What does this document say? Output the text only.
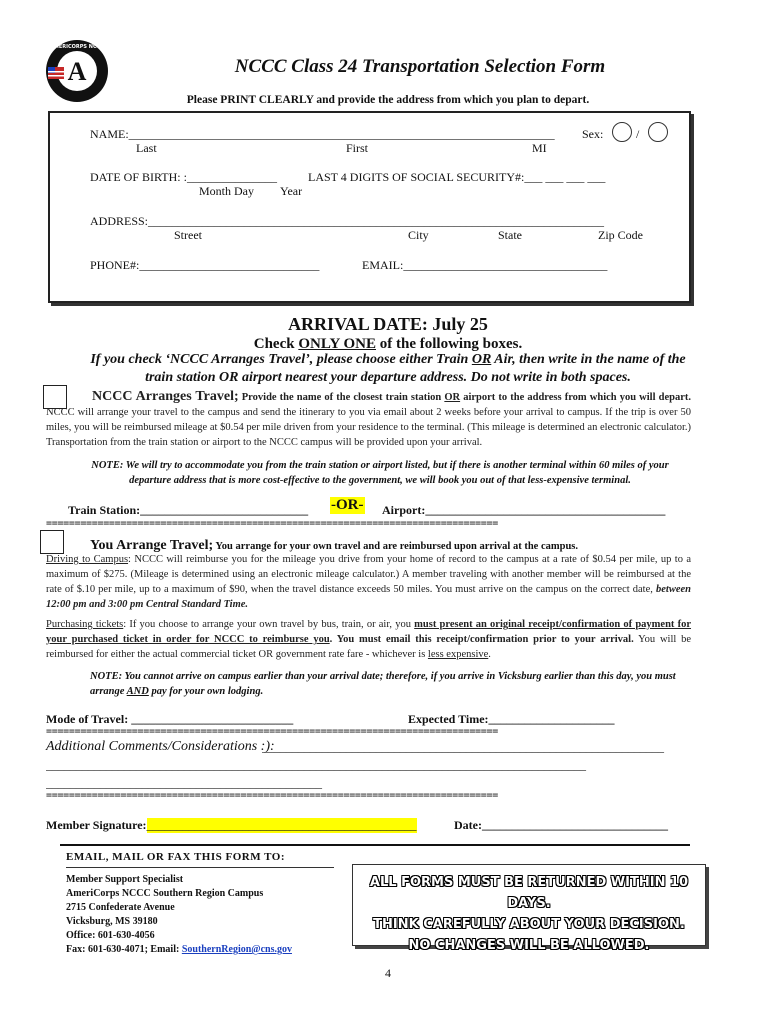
A
AMERICORPS NCCC
NCCC Class 24 Transportation Selection Form
Please PRINT CLEARLY and provide the address from which you plan to depart.
NAME:_______________________________________________________________________ Sex:	/
Last	First	MI
DATE OF BIRTH: :_______________	LAST 4 DIGITS OF SOCIAL SECURITY#:___ ___ ___ ___
Month Day Year
ADDRESS:____________________________________________________________________________
Street	City	State	Zip Code
PHONE#:______________________________	EMAIL:__________________________________
ARRIVAL DATE: July 25
Check ONLY ONE of the following boxes.
If you check ‘NCCC Arranges Travel’, please choose either Train OR Air, then write in the name of the train station OR airport nearest your departure address. Do not write in both spaces.
NCCC Arranges Travel; Provide the name of the closest train station OR airport to the address from which you will depart. NCCC will arrange your travel to the campus and send the itinerary to you via email about 2 weeks before your arrival to campus. If the trip is over 50 miles, you will be reimbursed mileage at $0.54 per mile driven from your residence to the terminal. (This mileage is determined an electronic calculator.) Transportation from the train station or airport to the NCCC campus will be provided upon your arrival.
NOTE: We will try to accommodate you from the train station or airport listed, but if there is another terminal within 60 miles of your departure address that is more cost-effective to the government, we will book you out of that less-expensive terminal.
Train Station:____________________________ -OR- Airport:________________________________________
===============================================================================
You Arrange Travel; You arrange for your own travel and are reimbursed upon arrival at the campus.
Driving to Campus: NCCC will reimburse you for the mileage you drive from your home of record to the campus at a rate of $0.54 per mile, up to a maximum of $275. (Mileage is determined using an electronic mileage calculator.) A member traveling with another member will be reimbursed at the rate of $.10 per mile, up to a maximum of $90, when the travel distance exceeds 50 miles. You must arrive on the campus on the correct date, between 12:00 pm and 3:00 pm Central Standard Time.
Purchasing tickets: If you choose to arrange your own travel by bus, train, or air, you must present an original receipt/confirmation of payment for your purchased ticket in order for NCCC to reimburse you. You must email this receipt/confirmation prior to your arrival. You will be reimbursed for either the actual commercial ticket OR government rate fare - whichever is less expensive.
NOTE: You cannot arrive on campus earlier than your arrival date; therefore, if you arrive in Vicksburg earlier than this day, you must arrange AND pay for your own lodging.
Mode of Travel: ___________________________	Expected Time:_____________________
===============================================================================
Additional Comments/Considerations :):
___________________________________________________________________
__________________________________________________________________________________________
______________________________________________
===============================================================================
Member Signature:_____________________________________________	Date:_______________________________
EMAIL, MAIL OR FAX THIS FORM TO:
Member Support Specialist
AmeriCorps NCCC Southern Region Campus
2715 Confederate Avenue
Vicksburg, MS 39180
Office: 601-630-4056
Fax: 601-630-4071; Email: SouthernRegion@cns.gov
ALL FORMS MUST BE RETURNED WITHIN 10 DAYS.
THINK CAREFULLY ABOUT YOUR DECISION.
NO CHANGES WILL BE ALLOWED.
4
